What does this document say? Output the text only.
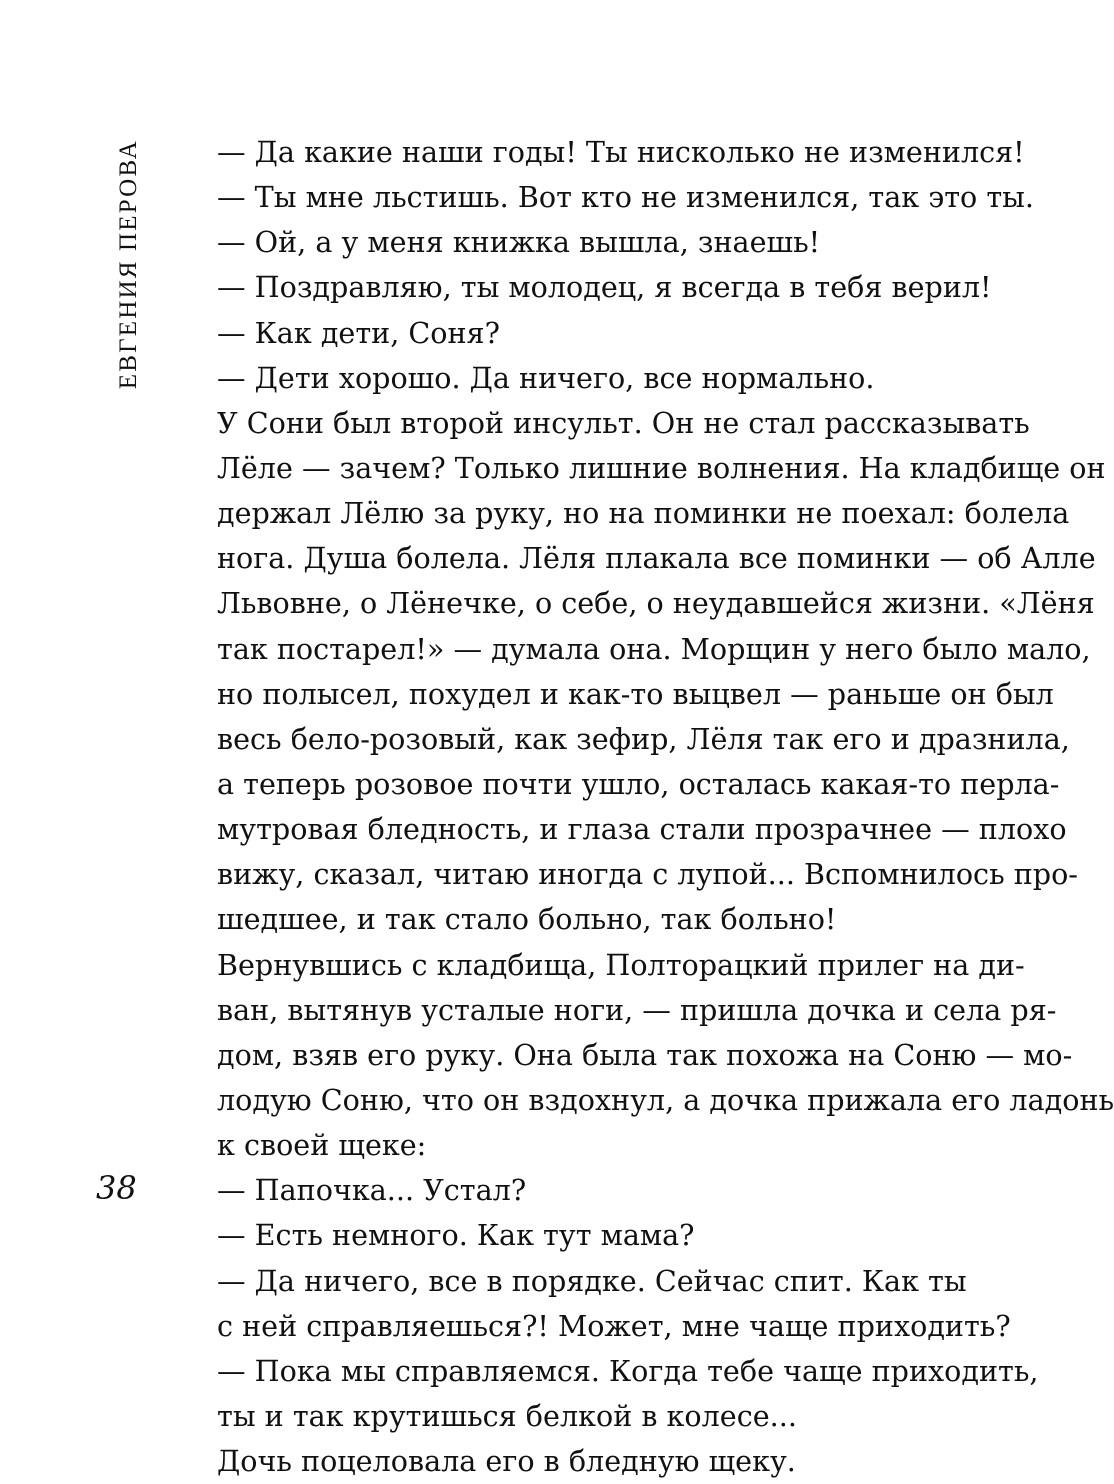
ЕВГЕНИЯ ПЕРОВА	— Да какие наши годы! Ты нисколько не изменился!
— Ты мне льстишь. Вот кто не изменился, так это ты.
— Ой, а у меня книжка вышла, знаешь!
— Поздравляю, ты молодец, я всегда в тебя верил!
— Как дети, Соня?
— Дети хорошо. Да ничего, все нормально.
У Сони был второй инсульт. Он не стал рассказывать
Лёле — зачем? Только лишние волнения. На кладбище он
держал Лёлю за руку, но на поминки не поехал: болела
нога. Душа болела. Лёля плакала все поминки — об Алле
Львовне, о Лёнечке, о себе, о неудавшейся жизни. «Лёня
так постарел!» — думала она. Морщин у него было мало,
но полысел, похудел и как-то выцвел — раньше он был
весь бело-розовый, как зефир, Лёля так его и дразнила,
а теперь розовое почти ушло, осталась какая-то перла-
мутровая бледность, и глаза стали прозрачнее — плохо
вижу, сказал, читаю иногда с лупой... Вспомнилось про-
шедшее, и так стало больно, так больно!
Вернувшись с кладбища, Полторацкий прилег на ди-
ван, вытянув усталые ноги, — пришла дочка и села ря-
дом, взяв его руку. Она была так похожа на Соню — мо-
лодую Соню, что он вздохнул, а дочка прижала его ладонь
к своей щеке:
— Папочка... Устал?
— Есть немного. Как тут мама?
— Да ничего, все в порядке. Сейчас спит. Как ты
с ней справляешься?! Может, мне чаще приходить?
— Пока мы справляемся. Когда тебе чаще приходить,
ты и так крутишься белкой в колесе...
Дочь поцеловала его в бледную щеку.
38
